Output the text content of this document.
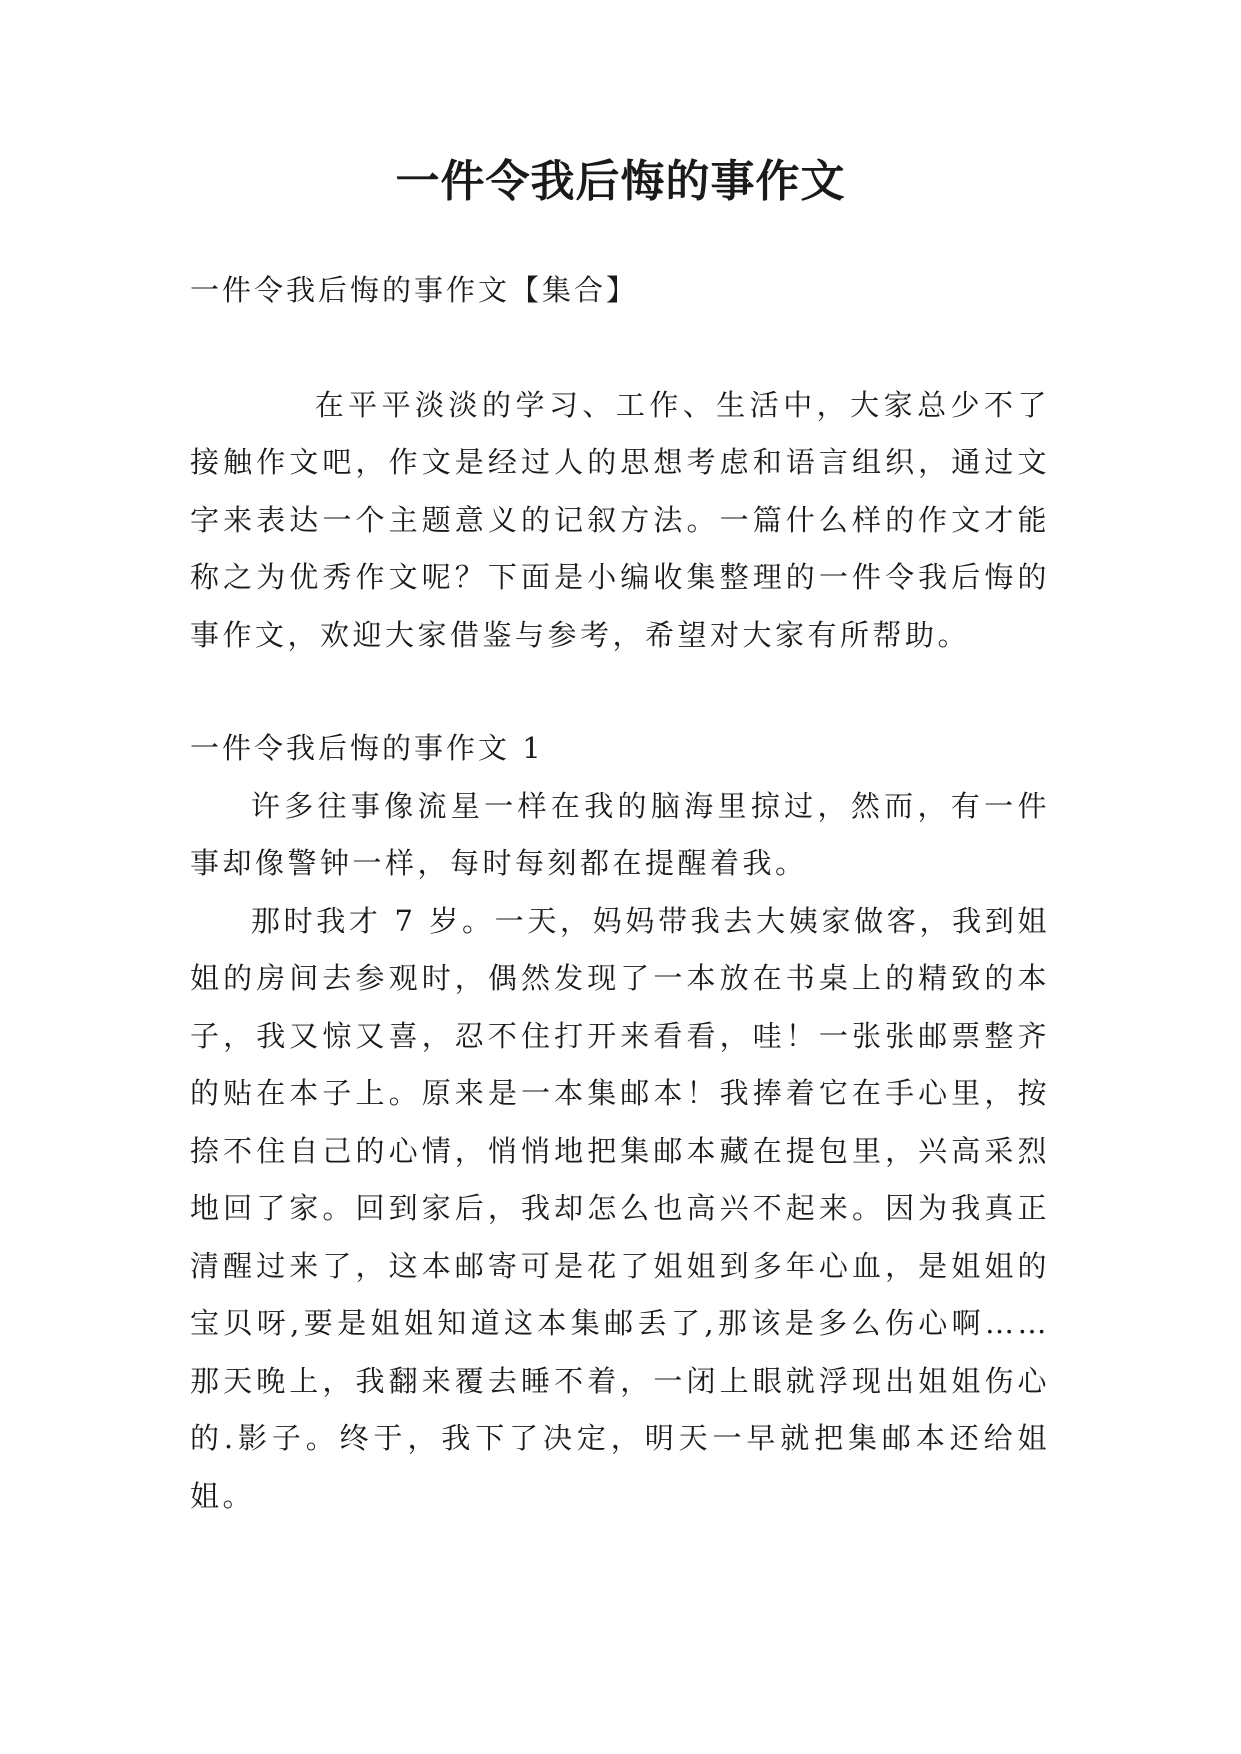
一件令我后悔的事作文
一件令我后悔的事作文【集合】

在平平淡淡的学习、工作、生活中，大家总少不了接触作文吧，作文是经过人的思想考虑和语言组织，通过文字来表达一个主题意义的记叙方法。一篇什么样的作文才能称之为优秀作文呢？下面是小编收集整理的一件令我后悔的事作文，欢迎大家借鉴与参考，希望对大家有所帮助。

一件令我后悔的事作文 1

许多往事像流星一样在我的脑海里掠过，然而，有一件事却像警钟一样，每时每刻都在提醒着我。

那时我才 7 岁。一天，妈妈带我去大姨家做客，我到姐姐的房间去参观时，偶然发现了一本放在书桌上的精致的本子，我又惊又喜，忍不住打开来看看，哇！一张张邮票整齐的贴在本子上。原来是一本集邮本！我捧着它在手心里，按捺不住自己的心情，悄悄地把集邮本藏在提包里，兴高采烈地回了家。回到家后，我却怎么也高兴不起来。因为我真正清醒过来了，这本邮寄可是花了姐姐到多年心血，是姐姐的宝贝呀,要是姐姐知道这本集邮丢了,那该是多么伤心啊……那天晚上，我翻来覆去睡不着，一闭上眼就浮现出姐姐伤心的.影子。终于，我下了决定，明天一早就把集邮本还给姐姐。
